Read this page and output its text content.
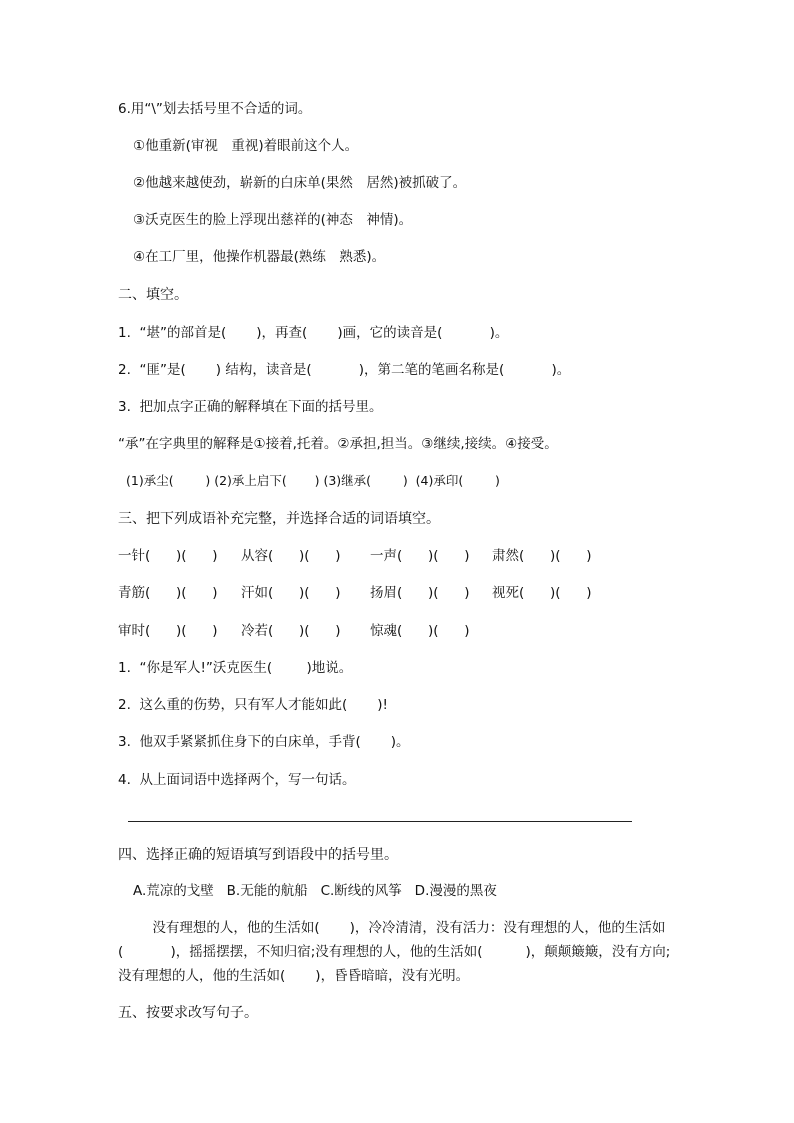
6.用“\”划去括号里不合适的词。
①他重新(审视　重视)着眼前这个人。
②他越来越使劲，崭新的白床单(果然　居然)被抓破了。
③沃克医生的脸上浮现出慈祥的(神态　神情)。
④在工厂里，他操作机器最(熟练　熟悉)。
二、填空。
1.  “堪”的部首是(       )，再查(       )画，它的读音是(           )。
2.  “匪”是(       ) 结构，读音是(           )，第二笔的笔画名称是(           )。
3.  把加点字正确的解释填在下面的括号里。
“承”在字典里的解释是①接着,托着。②承担,担当。③继续,接续。④接受。
(1)承尘(        ) (2)承上启下(       ) (3)继承(        )  (4)承印(        )
三、把下列成语补充完整，并选择合适的词语填空。
一针(      )(      ) 从容(      )(      ) 一声(      )(      ) 肃然(      )(      )
青筋(      )(      ) 汗如(      )(      ) 扬眉(      )(      ) 视死(      )(      )
审时(      )(      ) 冷若(      )(      ) 惊魂(      )(      )
1.  “你是军人!”沃克医生(        )地说。
2.  这么重的伤势，只有军人才能如此(       )!
3.  他双手紧紧抓住身下的白床单，手背(       )。
4.  从上面词语中选择两个，写一句话。
四、选择正确的短语填写到语段中的括号里。
A.荒凉的戈壁   B.无能的航船   C.断线的风筝   D.漫漫的黑夜
没有理想的人，他的生活如(       )，冷冷清清，没有活力：没有理想的人，他的生活如
(           )，摇摇摆摆，不知归宿;没有理想的人，他的生活如(          )，颠颠簸簸，没有方向;
没有理想的人，他的生活如(       )，昏昏暗暗，没有光明。
五、按要求改写句子。
